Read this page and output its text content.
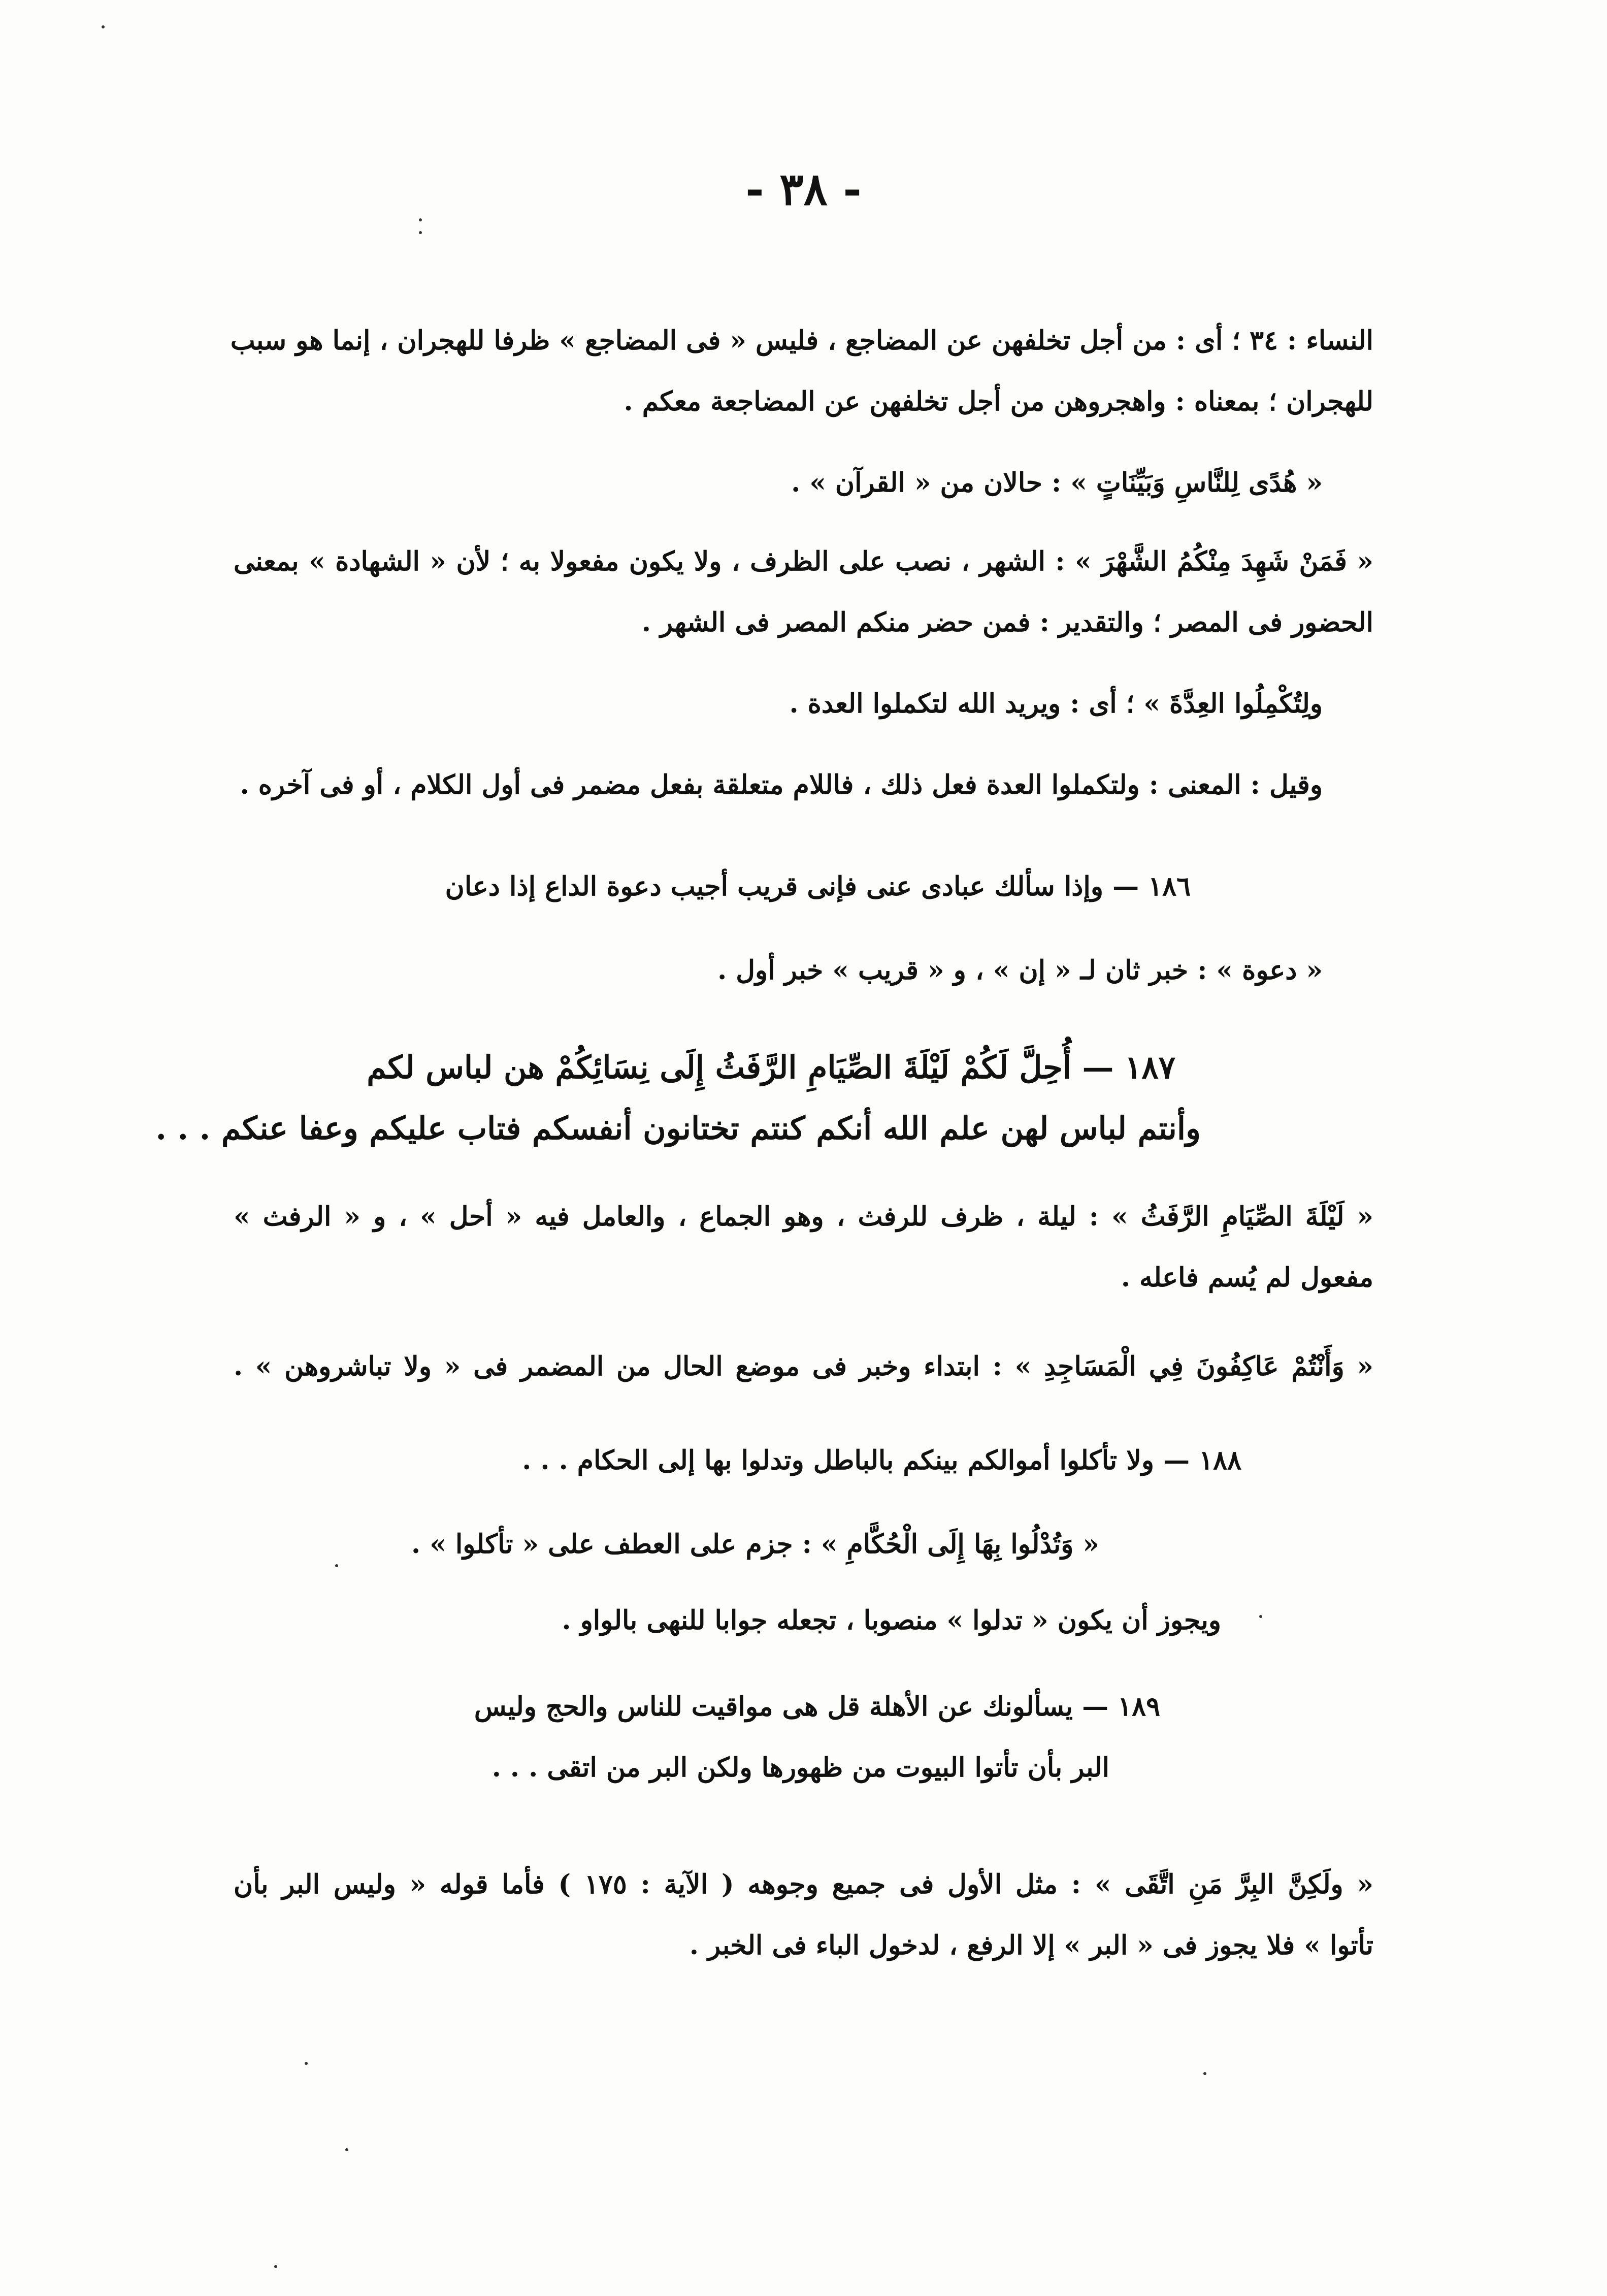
- ٣٨ -
النساء : ٣٤ ؛ أى : من أجل تخلفهن عن المضاجع ، فليس « فى المضاجع » ظرفا للهجران ، إنما هو سبب
للهجران ؛ بمعناه : واهجروهن من أجل تخلفهن عن المضاجعة معكم .
« هُدًى لِلنَّاسِ وَبَيِّنَاتٍ » : حالان من « القرآن » .
« فَمَنْ شَهِدَ مِنْكُمُ الشَّهْرَ » : الشهر ، نصب على الظرف ، ولا يكون مفعولا به ؛ لأن « الشهادة » بمعنى
الحضور فى المصر ؛ والتقدير : فمن حضر منكم المصر فى الشهر .
ولِتُكْمِلُوا العِدَّةَ » ؛ أى : ويريد الله لتكملوا العدة .
وقيل : المعنى : ولتكملوا العدة فعل ذلك ، فاللام متعلقة بفعل مضمر فى أول الكلام ، أو فى آخره .
١٨٦ — وإذا سألك عبادى عنى فإنى قريب أجيب دعوة الداع إذا دعان
« دعوة » : خبر ثان لـ « إن » ، و « قريب » خبر أول .
١٨٧ — أُحِلَّ لَكُمْ لَيْلَةَ الصِّيَامِ الرَّفَثُ إِلَى نِسَائِكُمْ هن لباس لكم
وأنتم لباس لهن علم الله أنكم كنتم تختانون أنفسكم فتاب عليكم وعفا عنكم . . .
« لَيْلَةَ الصِّيَامِ الرَّفَثُ » : ليلة ، ظرف للرفث ، وهو الجماع ، والعامل فيه « أحل » ، و « الرفث »
مفعول لم يُسم فاعله .
« وَأَنْتُمْ عَاكِفُونَ فِي الْمَسَاجِدِ » : ابتداء وخبر فى موضع الحال من المضمر فى « ولا تباشروهن » .
١٨٨ — ولا تأكلوا أموالكم بينكم بالباطل وتدلوا بها إلى الحكام . . .
« وَتُدْلُوا بِهَا إِلَى الْحُكَّامِ » : جزم على العطف على « تأكلوا » .
ويجوز أن يكون « تدلوا » منصوبا ، تجعله جوابا للنهى بالواو .
١٨٩ — يسألونك عن الأهلة قل هى مواقيت للناس والحج وليس
البر بأن تأتوا البيوت من ظهورها ولكن البر من اتقى . . .
« ولَكِنَّ البِرَّ مَنِ اتَّقَى » : مثل الأول فى جميع وجوهه ( الآية : ١٧٥ ) فأما قوله « وليس البر بأن
تأتوا » فلا يجوز فى « البر » إلا الرفع ، لدخول الباء فى الخبر .
